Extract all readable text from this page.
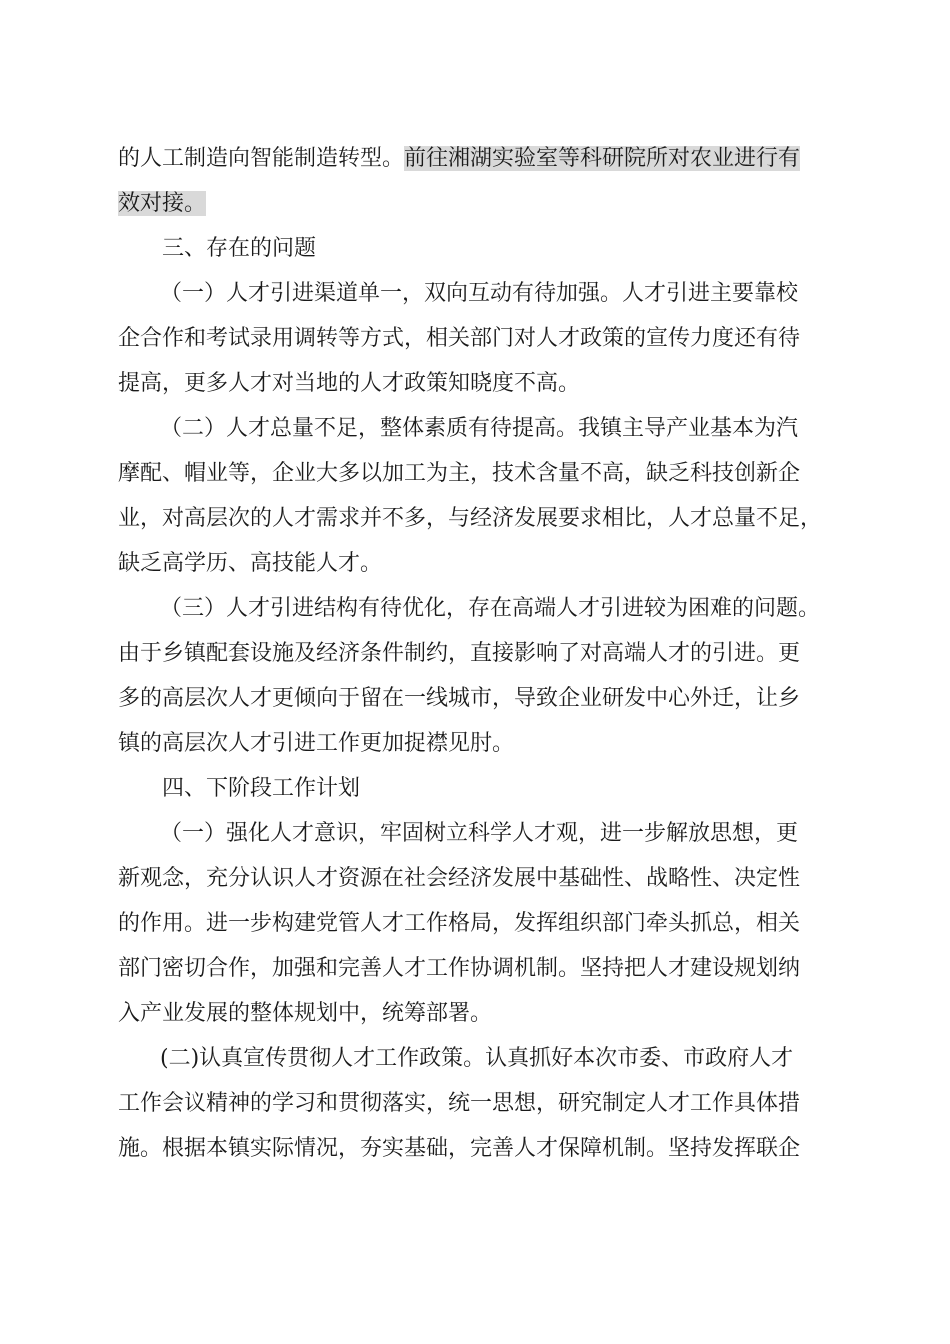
的人工制造向智能制造转型。前往湘湖实验室等科研院所对农业进行有
效对接。
三、存在的问题
（一）人才引进渠道单一，双向互动有待加强。人才引进主要靠校
企合作和考试录用调转等方式，相关部门对人才政策的宣传力度还有待
提高，更多人才对当地的人才政策知晓度不高。
（二）人才总量不足，整体素质有待提高。我镇主导产业基本为汽
摩配、帽业等，企业大多以加工为主，技术含量不高，缺乏科技创新企
业，对高层次的人才需求并不多，与经济发展要求相比，人才总量不足，
缺乏高学历、高技能人才。
（三）人才引进结构有待优化，存在高端人才引进较为困难的问题。
由于乡镇配套设施及经济条件制约，直接影响了对高端人才的引进。更
多的高层次人才更倾向于留在一线城市，导致企业研发中心外迁，让乡
镇的高层次人才引进工作更加捉襟见肘。
四、下阶段工作计划
（一）强化人才意识，牢固树立科学人才观，进一步解放思想，更
新观念，充分认识人才资源在社会经济发展中基础性、战略性、决定性
的作用。进一步构建党管人才工作格局，发挥组织部门牵头抓总，相关
部门密切合作，加强和完善人才工作协调机制。坚持把人才建设规划纳
入产业发展的整体规划中，统筹部署。
(二)认真宣传贯彻人才工作政策。认真抓好本次市委、市政府人才
工作会议精神的学习和贯彻落实，统一思想，研究制定人才工作具体措
施。根据本镇实际情况，夯实基础，完善人才保障机制。坚持发挥联企
